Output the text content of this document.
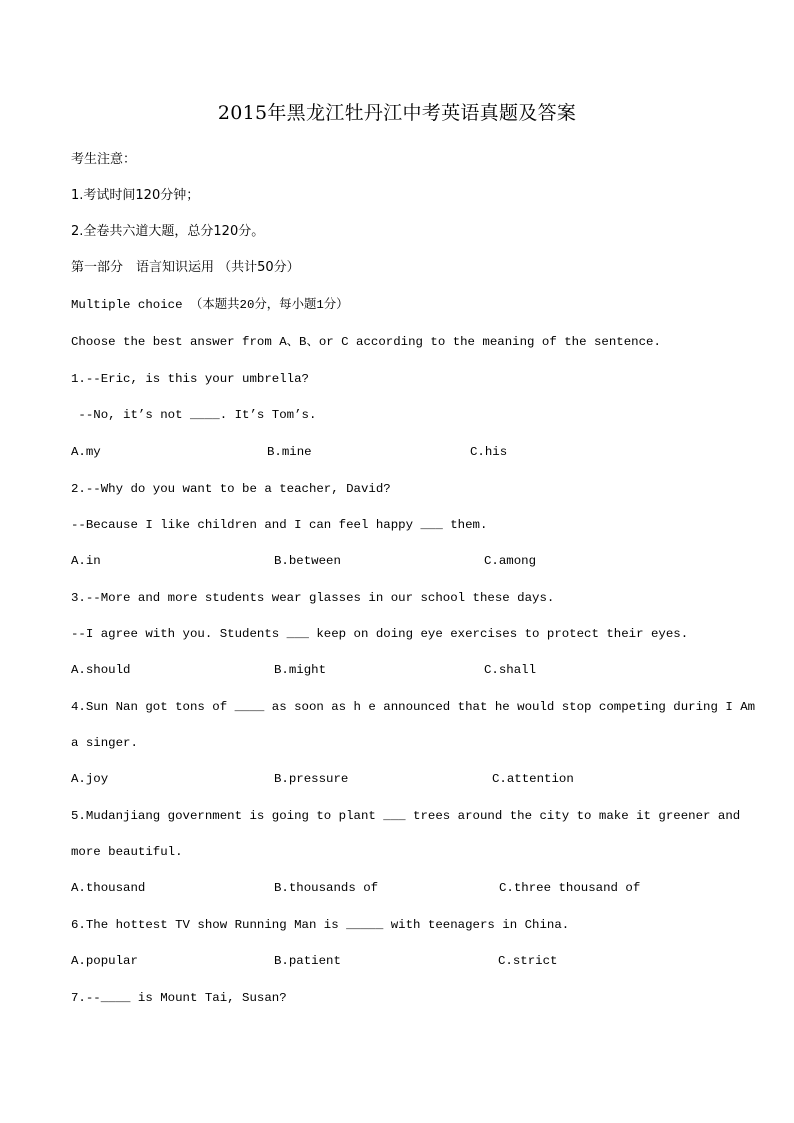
2015年黑龙江牡丹江中考英语真题及答案
考生注意：
1.考试时间120分钟；
2.全卷共六道大题，总分120分。
第一部分　语言知识运用 （共计50分）
Multiple choice （本题共20分，每小题1分）
Choose the best answer from A、B、or C according to the meaning of the sentence.
1.--Eric, is this your umbrella?
--No, it’s not ____. It’s Tom’s.
A.my	B.mine	C.his
2.--Why do you want to be a teacher, David?
--Because I like children and I can feel happy ___ them.
A.in	B.between	C.among
3.--More and more students wear glasses in our school these days.
--I agree with you. Students ___ keep on doing eye exercises to protect their eyes.
A.should	B.might	C.shall
4.Sun Nan got tons of ____ as soon as h e announced that he would stop competing during I Am
a singer.
A.joy	B.pressure	C.attention
5.Mudanjiang government is going to plant ___ trees around the city to make it greener and
more beautiful.
A.thousand	B.thousands of	C.three thousand of
6.The hottest TV show Running Man is _____ with teenagers in China.
A.popular	B.patient	C.strict
7.--____ is Mount Tai, Susan?
